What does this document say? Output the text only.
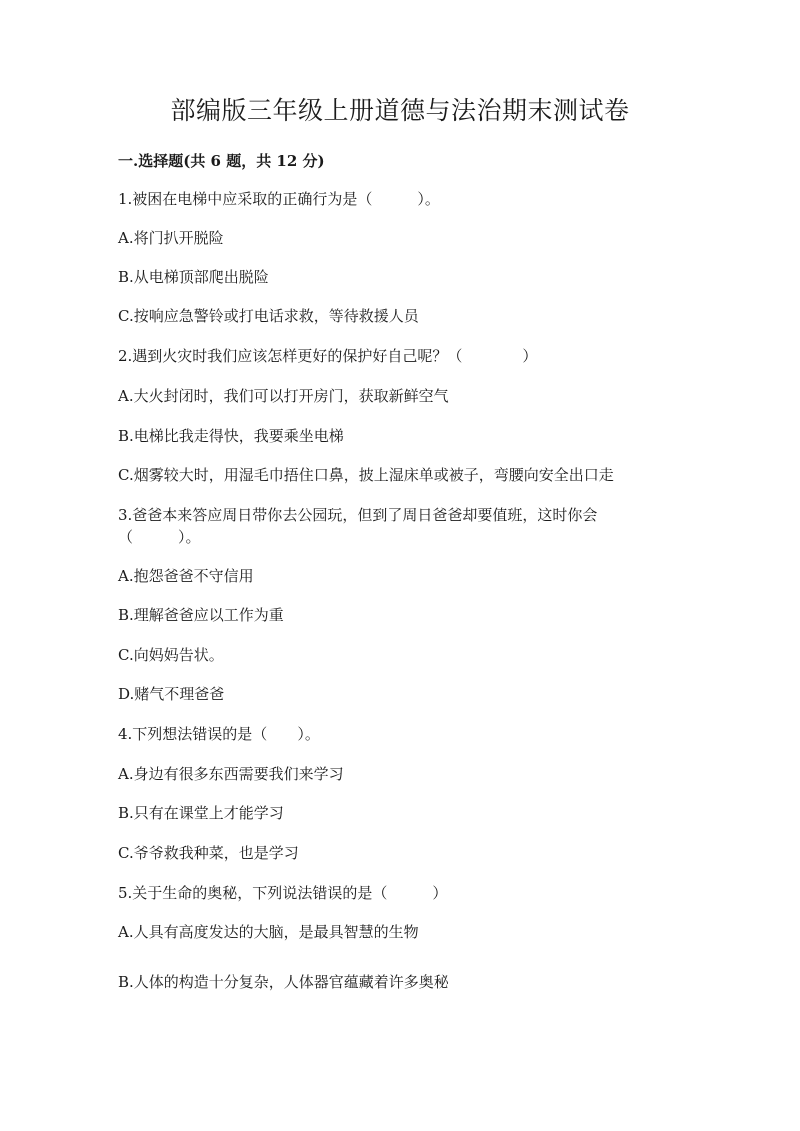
部编版三年级上册道德与法治期末测试卷
一.选择题(共 6 题，共 12 分)
1.被困在电梯中应采取的正确行为是（　　　）。
A.将门扒开脱险
B.从电梯顶部爬出脱险
C.按响应急警铃或打电话求救，等待救援人员
2.遇到火灾时我们应该怎样更好的保护好自己呢？（　　　　）
A.大火封闭时，我们可以打开房门，获取新鲜空气
B.电梯比我走得快，我要乘坐电梯
C.烟雾较大时，用湿毛巾捂住口鼻，披上湿床单或被子，弯腰向安全出口走
3.爸爸本来答应周日带你去公园玩，但到了周日爸爸却要值班，这时你会
（　　　）。
A.抱怨爸爸不守信用
B.理解爸爸应以工作为重
C.向妈妈告状。
D.赌气不理爸爸
4.下列想法错误的是（　　）。
A.身边有很多东西需要我们来学习
B.只有在课堂上才能学习
C.爷爷救我种菜，也是学习
5.关于生命的奥秘，下列说法错误的是（　　　）
A.人具有高度发达的大脑，是最具智慧的生物
B.人体的构造十分复杂，人体器官蕴藏着许多奥秘
